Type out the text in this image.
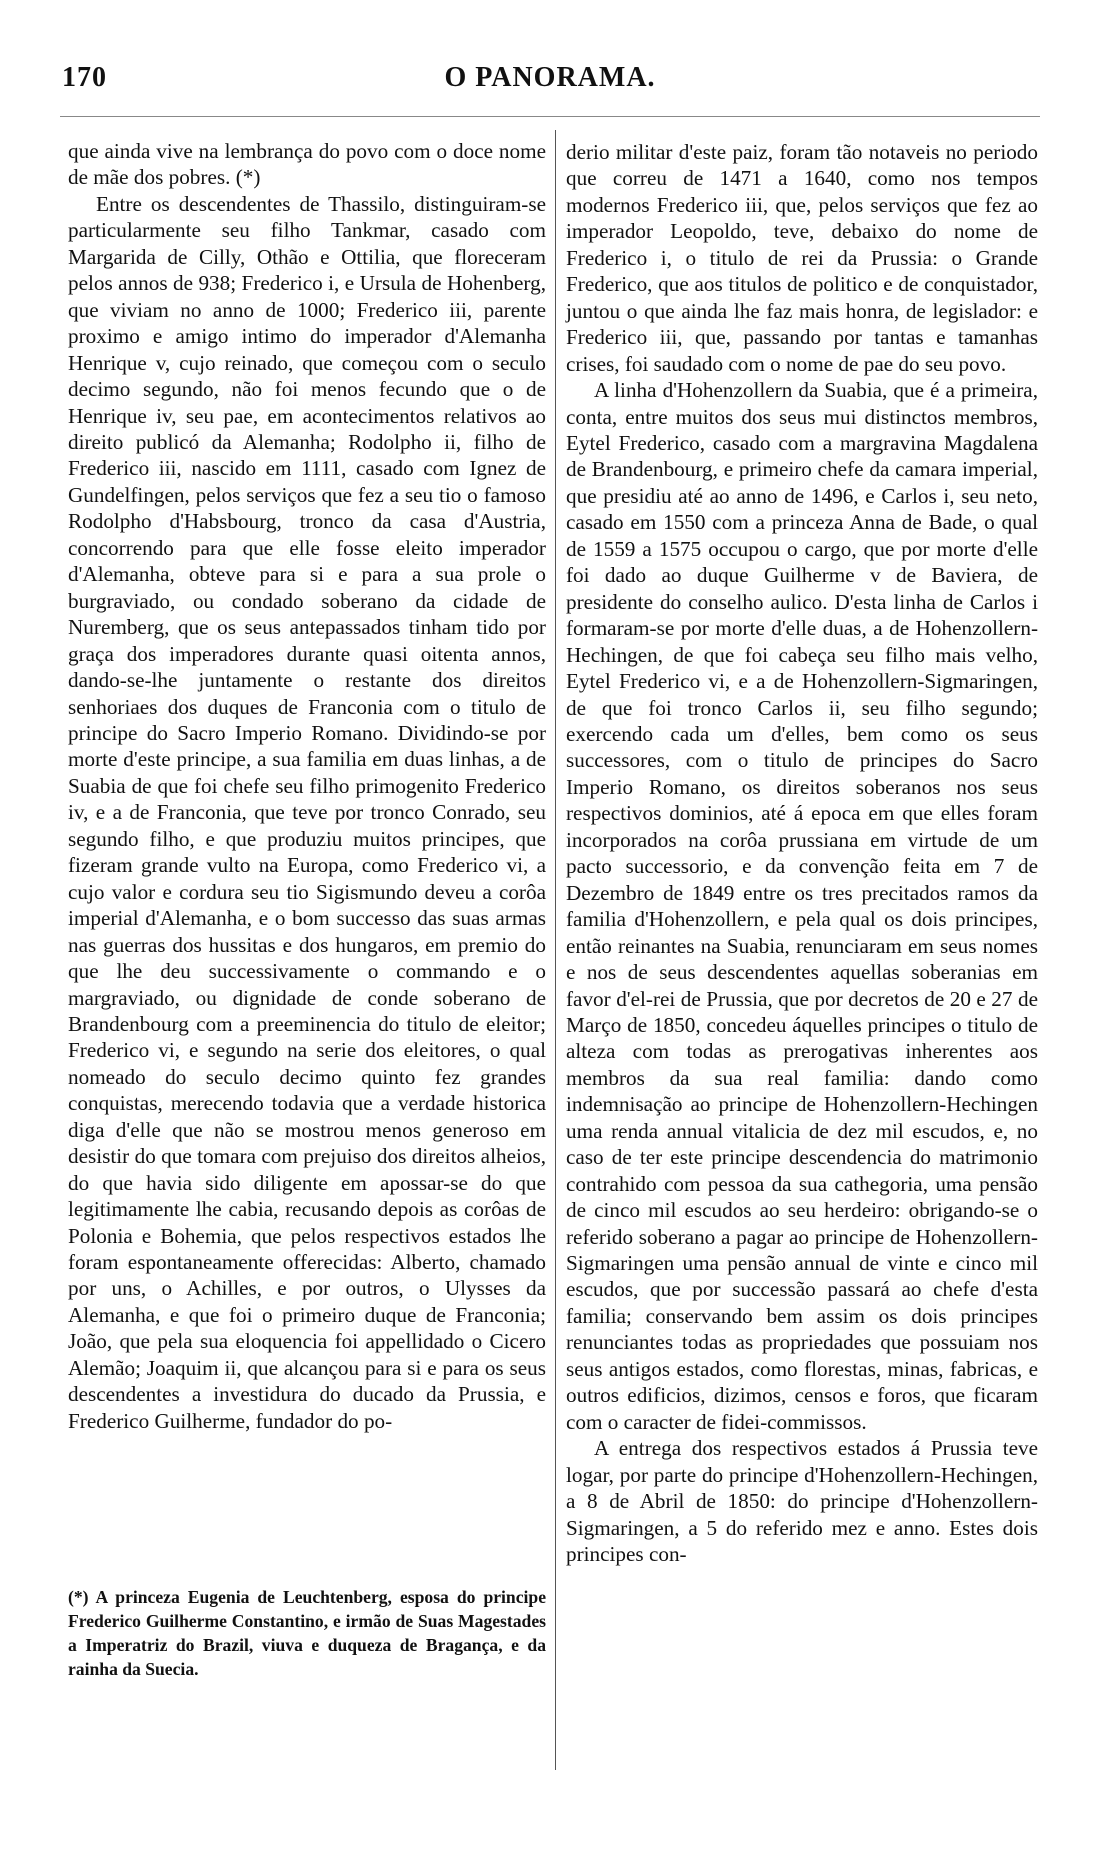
170	O PANORAMA.

que ainda vive na lembrança do povo com o doce nome de mãe dos pobres. (*)

Entre os descendentes de Thassilo, distinguiram-se particularmente seu filho Tankmar, casado com Margarida de Cilly, Othão e Ottilia, que floreceram pelos annos de 938; Frederico i, e Ursula de Hohenberg, que viviam no anno de 1000; Frederico iii, parente proximo e amigo intimo do imperador d'Alemanha Henrique v, cujo reinado, que começou com o seculo decimo segundo, não foi menos fecundo que o de Henrique iv, seu pae, em acontecimentos relativos ao direito publicó da Alemanha; Rodolpho ii, filho de Frederico iii, nascido em 1111, casado com Ignez de Gundelfingen, pelos serviços que fez a seu tio o famoso Rodolpho d'Habsbourg, tronco da casa d'Austria, concorrendo para que elle fosse eleito imperador d'Alemanha, obteve para si e para a sua prole o burgraviado, ou condado soberano da cidade de Nuremberg, que os seus antepassados tinham tido por graça dos imperadores durante quasi oitenta annos, dando-se-lhe juntamente o restante dos direitos senhoriaes dos duques de Franconia com o titulo de principe do Sacro Imperio Romano. Dividindo-se por morte d'este principe, a sua familia em duas linhas, a de Suabia de que foi chefe seu filho primogenito Frederico iv, e a de Franconia, que teve por tronco Conrado, seu segundo filho, e que produziu muitos principes, que fizeram grande vulto na Europa, como Frederico vi, a cujo valor e cordura seu tio Sigismundo deveu a corôa imperial d'Alemanha, e o bom successo das suas armas nas guerras dos hussitas e dos hungaros, em premio do que lhe deu successivamente o commando e o margraviado, ou dignidade de conde soberano de Brandenbourg com a preeminencia do titulo de eleitor; Frederico vi, e segundo na serie dos eleitores, o qual nomeado do seculo decimo quinto fez grandes conquistas, merecendo todavia que a verdade historica diga d'elle que não se mostrou menos generoso em desistir do que tomara com prejuiso dos direitos alheios, do que havia sido diligente em apossar-se do que legitimamente lhe cabia, recusando depois as corôas de Polonia e Bohemia, que pelos respectivos estados lhe foram espontaneamente offerecidas: Alberto, chamado por uns, o Achilles, e por outros, o Ulysses da Alemanha, e que foi o primeiro duque de Franconia; João, que pela sua eloquencia foi appellidado o Cicero Alemão; Joaquim ii, que alcançou para si e para os seus descendentes a investidura do ducado da Prussia, e Frederico Guilherme, fundador do po-

derio militar d'este paiz, foram tão notaveis no periodo que correu de 1471 a 1640, como nos tempos modernos Frederico iii, que, pelos serviços que fez ao imperador Leopoldo, teve, debaixo do nome de Frederico i, o titulo de rei da Prussia: o Grande Frederico, que aos titulos de politico e de conquistador, juntou o que ainda lhe faz mais honra, de legislador: e Frederico iii, que, passando por tantas e tamanhas crises, foi saudado com o nome de pae do seu povo.

A linha d'Hohenzollern da Suabia, que é a primeira, conta, entre muitos dos seus mui distinctos membros, Eytel Frederico, casado com a margravina Magdalena de Brandenbourg, e primeiro chefe da camara imperial, que presidiu até ao anno de 1496, e Carlos i, seu neto, casado em 1550 com a princeza Anna de Bade, o qual de 1559 a 1575 occupou o cargo, que por morte d'elle foi dado ao duque Guilherme v de Baviera, de presidente do conselho aulico. D'esta linha de Carlos i formaram-se por morte d'elle duas, a de Hohenzollern-Hechingen, de que foi cabeça seu filho mais velho, Eytel Frederico vi, e a de Hohenzollern-Sigmaringen, de que foi tronco Carlos ii, seu filho segundo; exercendo cada um d'elles, bem como os seus successores, com o titulo de principes do Sacro Imperio Romano, os direitos soberanos nos seus respectivos dominios, até á epoca em que elles foram incorporados na corôa prussiana em virtude de um pacto successorio, e da convenção feita em 7 de Dezembro de 1849 entre os tres precitados ramos da familia d'Hohenzollern, e pela qual os dois principes, então reinantes na Suabia, renunciaram em seus nomes e nos de seus descendentes aquellas soberanias em favor d'el-rei de Prussia, que por decretos de 20 e 27 de Março de 1850, concedeu áquelles principes o titulo de alteza com todas as prerogativas inherentes aos membros da sua real familia: dando como indemnisação ao principe de Hohenzollern-Hechingen uma renda annual vitalicia de dez mil escudos, e, no caso de ter este principe descendencia do matrimonio contrahido com pessoa da sua cathegoria, uma pensão de cinco mil escudos ao seu herdeiro: obrigando-se o referido soberano a pagar ao principe de Hohenzollern-Sigmaringen uma pensão annual de vinte e cinco mil escudos, que por successão passará ao chefe d'esta familia; conservando bem assim os dois principes renunciantes todas as propriedades que possuiam nos seus antigos estados, como florestas, minas, fabricas, e outros edificios, dizimos, censos e foros, que ficaram com o caracter de fidei-commissos.

A entrega dos respectivos estados á Prussia teve logar, por parte do principe d'Hohenzollern-Hechingen, a 8 de Abril de 1850: do principe d'Hohenzollern-Sigmaringen, a 5 do referido mez e anno. Estes dois principes con-

(*) A princeza Eugenia de Leuchtenberg, esposa do principe Frederico Guilherme Constantino, e irmão de Suas Magestades a Imperatriz do Brazil, viuva e duqueza de Bragança, e da rainha da Suecia.
